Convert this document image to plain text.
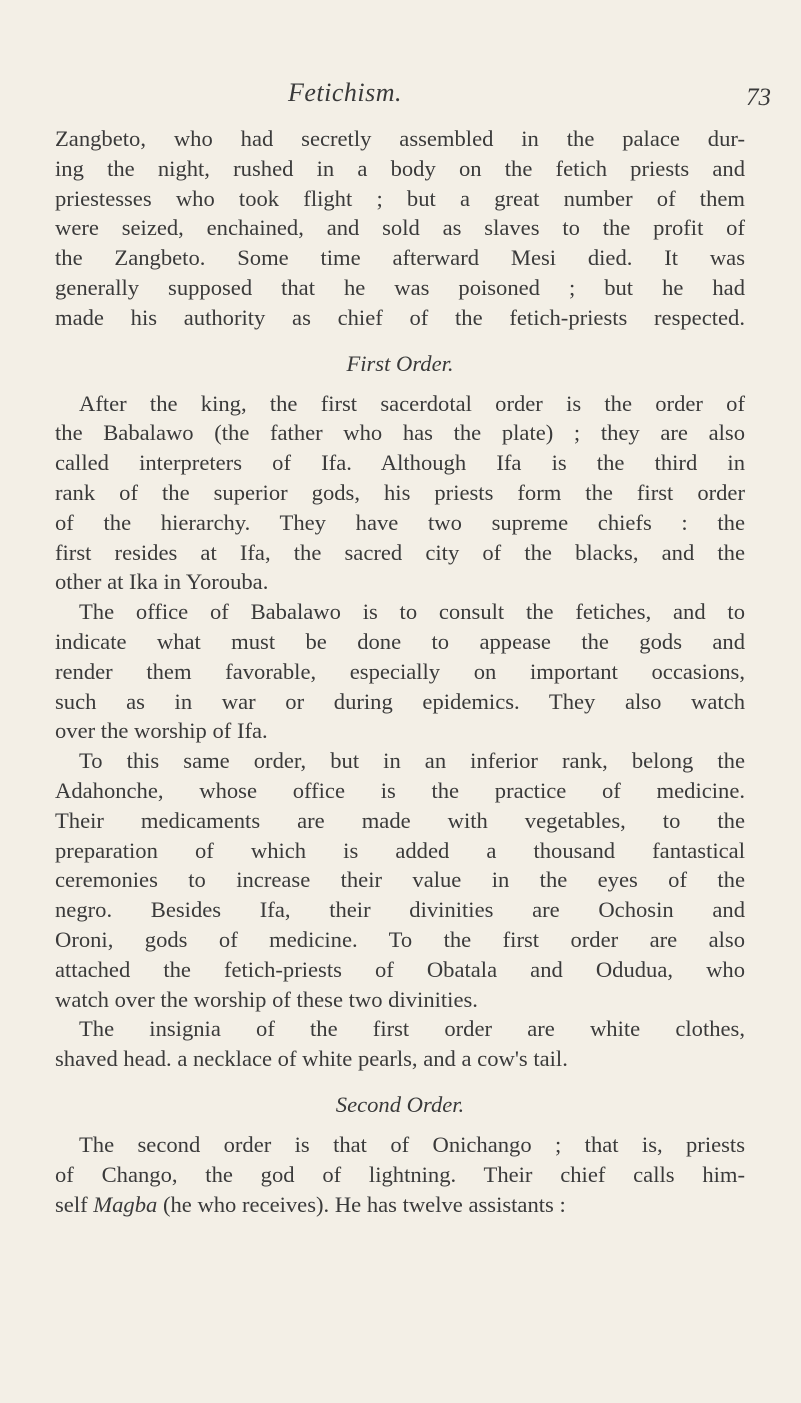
Fetichism.	73
Zangbeto, who had secretly assembled in the palace dur-
ing the night, rushed in a body on the fetich priests and
priestesses who took flight ; but a great number of them
were seized, enchained, and sold as slaves to the profit of
the Zangbeto. Some time afterward Mesi died. It was
generally supposed that he was poisoned ; but he had
made his authority as chief of the fetich-priests respected.
First Order.
After the king, the first sacerdotal order is the order of
the Babalawo (the father who has the plate) ; they are also
called interpreters of Ifa. Although Ifa is the third in
rank of the superior gods, his priests form the first order
of the hierarchy. They have two supreme chiefs : the
first resides at Ifa, the sacred city of the blacks, and the
other at Ika in Yorouba.
The office of Babalawo is to consult the fetiches, and to
indicate what must be done to appease the gods and
render them favorable, especially on important occasions,
such as in war or during epidemics. They also watch
over the worship of Ifa.
To this same order, but in an inferior rank, belong the
Adahonche, whose office is the practice of medicine.
Their medicaments are made with vegetables, to the
preparation of which is added a thousand fantastical
ceremonies to increase their value in the eyes of the
negro. Besides Ifa, their divinities are Ochosin and
Oroni, gods of medicine. To the first order are also
attached the fetich-priests of Obatala and Odudua, who
watch over the worship of these two divinities.
The insignia of the first order are white clothes,
shaved head. a necklace of white pearls, and a cow's tail.
Second Order.
The second order is that of Onichango ; that is, priests
of Chango, the god of lightning. Their chief calls him-
self Magba (he who receives). He has twelve assistants :
